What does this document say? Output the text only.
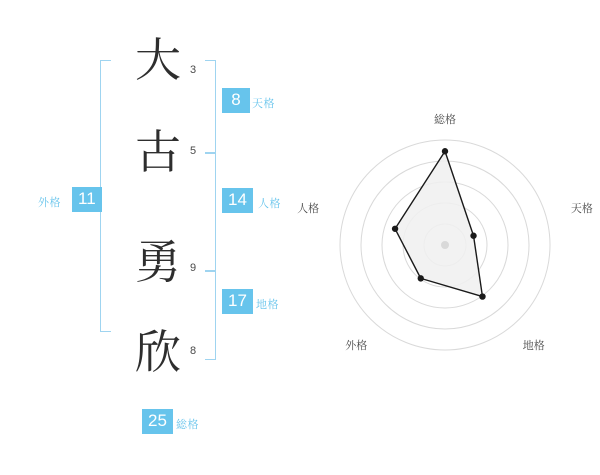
大
古
勇
欣
3
5
9
8
外格	11
8	天格
14	人格
17 地格
25 総格
総格
天格
地格
外格
人格
